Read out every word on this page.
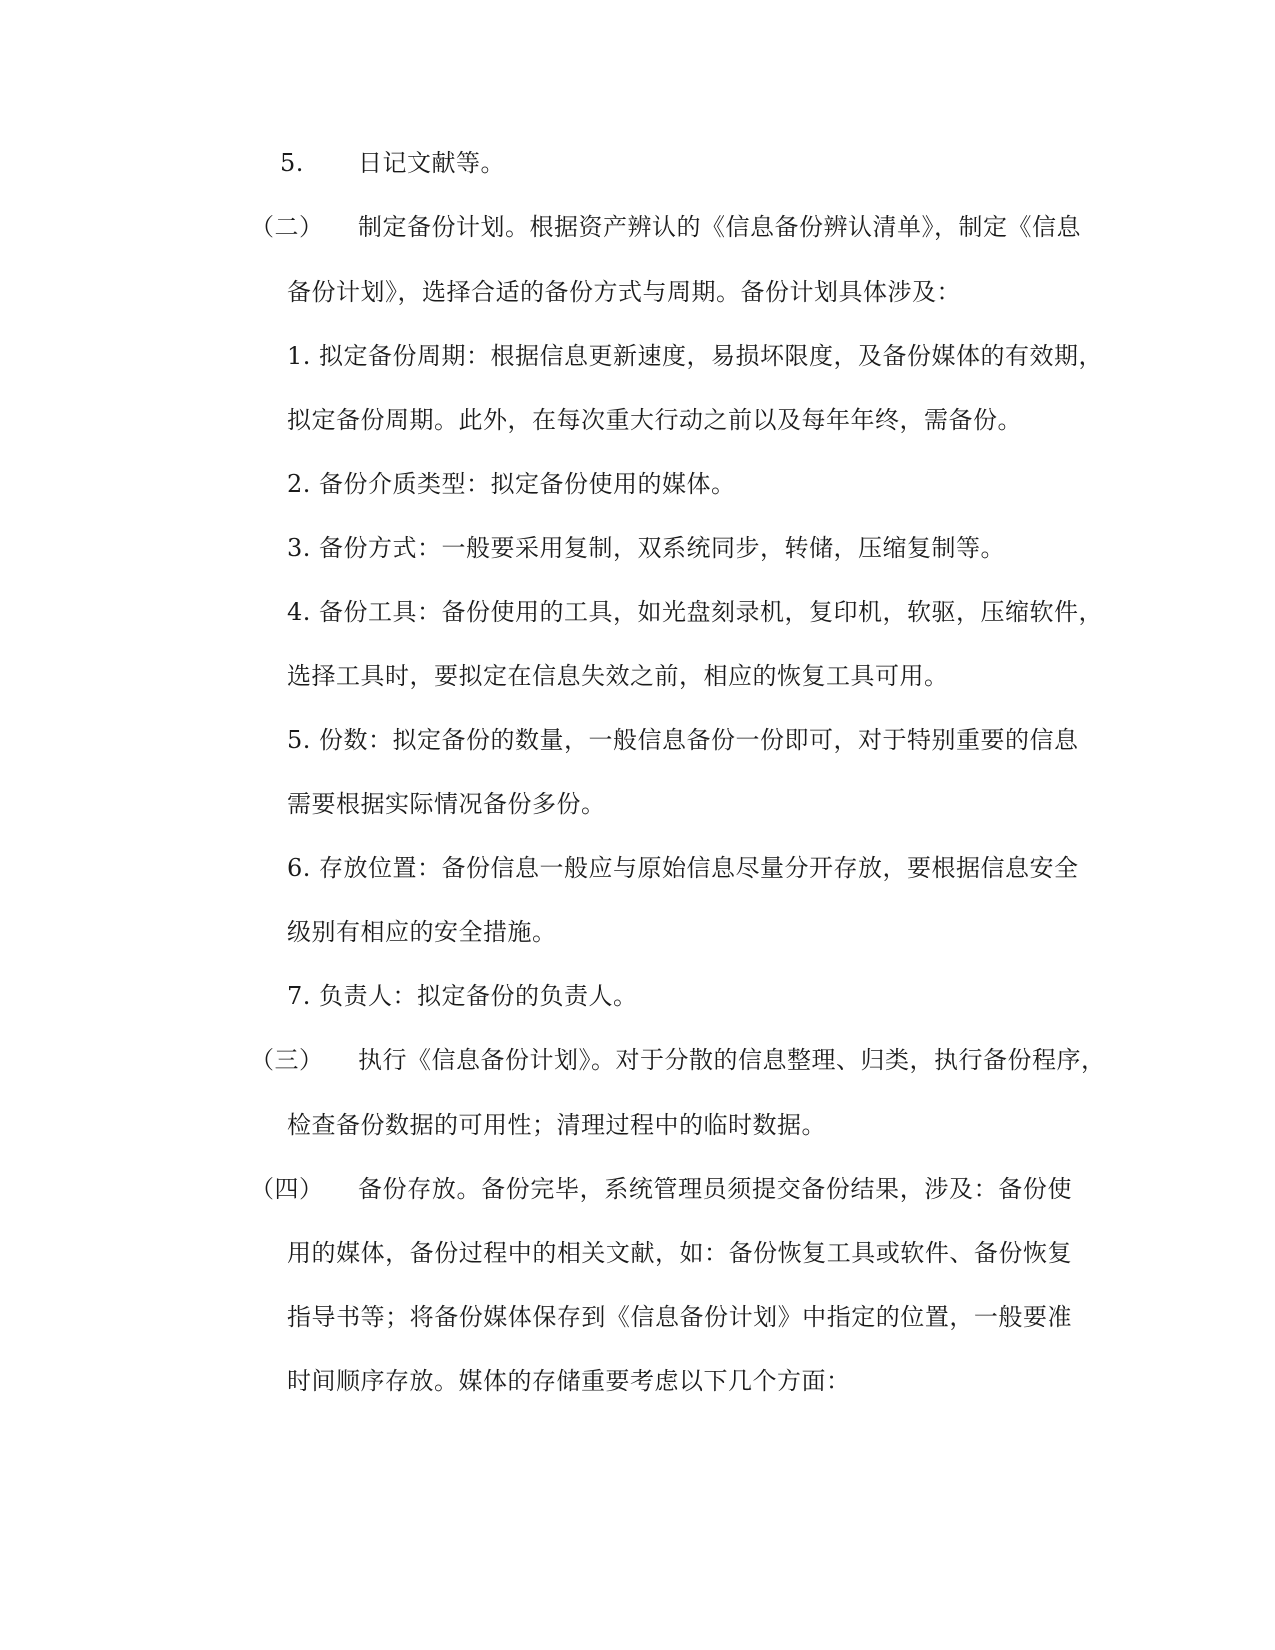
5. 日记文献等。
（二） 制定备份计划。根据资产辨认的《信息备份辨认清单》，制定《信息
备份计划》，选择合适的备份方式与周期。备份计划具体涉及：
1. 拟定备份周期：根据信息更新速度，易损坏限度，及备份媒体的有效期，
拟定备份周期。此外，在每次重大行动之前以及每年年终，需备份。
2. 备份介质类型：拟定备份使用的媒体。
3. 备份方式：一般要采用复制，双系统同步，转储，压缩复制等。
4. 备份工具：备份使用的工具，如光盘刻录机，复印机，软驱，压缩软件，
选择工具时，要拟定在信息失效之前，相应的恢复工具可用。
5. 份数：拟定备份的数量，一般信息备份一份即可，对于特别重要的信息
需要根据实际情况备份多份。
6. 存放位置：备份信息一般应与原始信息尽量分开存放，要根据信息安全
级别有相应的安全措施。
7. 负责人：拟定备份的负责人。
（三） 执行《信息备份计划》。对于分散的信息整理、归类，执行备份程序，
检查备份数据的可用性；清理过程中的临时数据。
（四） 备份存放。备份完毕，系统管理员须提交备份结果，涉及：备份使
用的媒体，备份过程中的相关文献，如：备份恢复工具或软件、备份恢复
指导书等；将备份媒体保存到《信息备份计划》中指定的位置，一般要准
时间顺序存放。媒体的存储重要考虑以下几个方面：
